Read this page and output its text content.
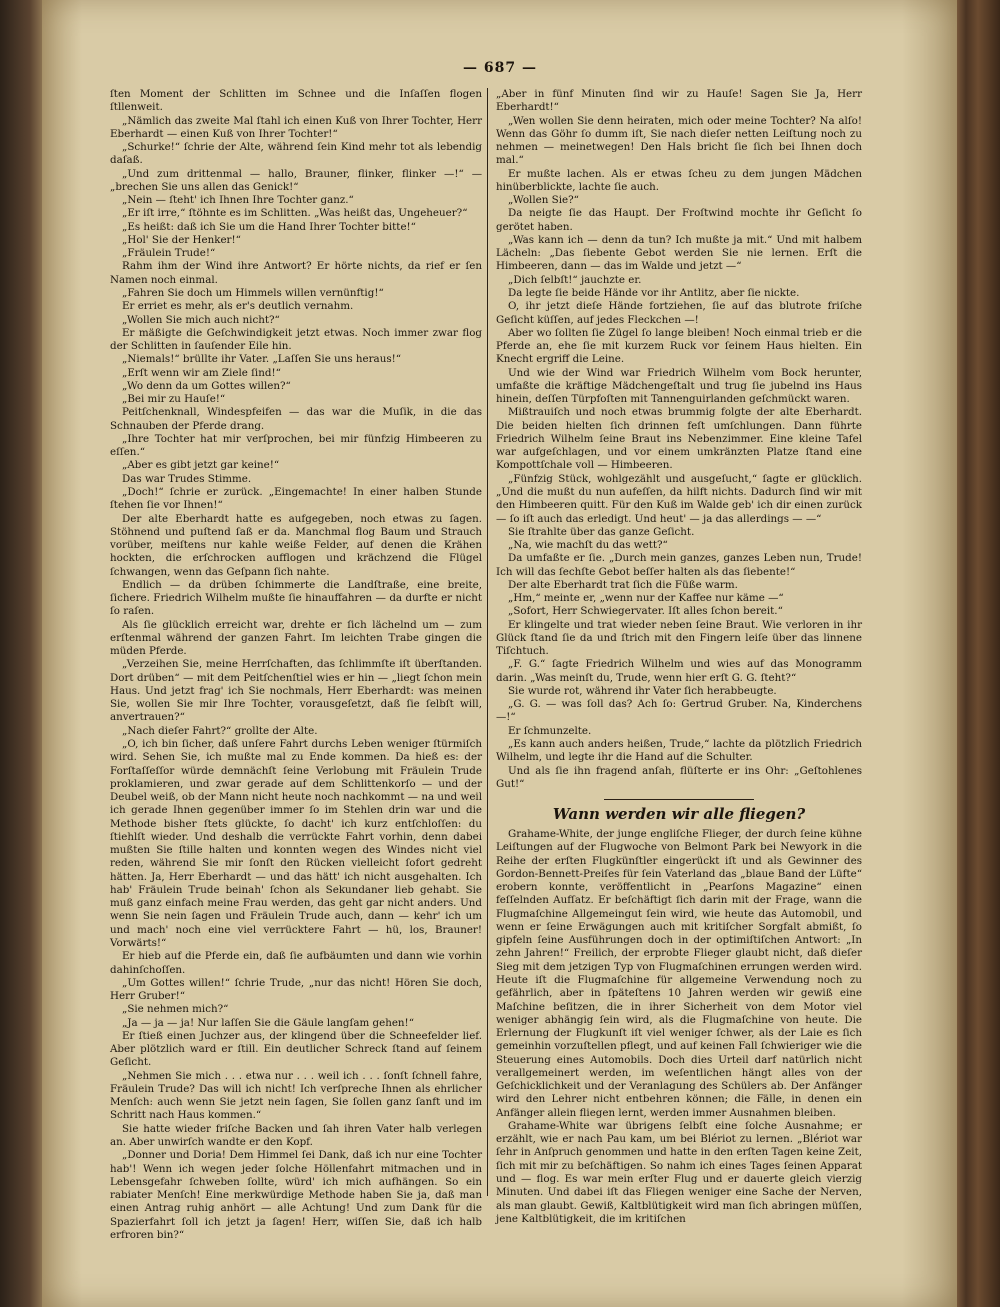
— 687 —

ſten Moment der Schlitten im Schnee und die Inſaſſen flogen ſtllenweit.

„Nämlich das zweite Mal ſtahl ich einen Kuß von Ihrer Tochter, Herr Eberhardt — einen Kuß von Ihrer Tochter!“

„Schurke!“ ſchrie der Alte, während ſein Kind mehr tot als lebendig daſaß.

„Und zum drittenmal — hallo, Brauner, flinker, flinker —!“ — „brechen Sie uns allen das Genick!“

„Nein — ſteht' ich Ihnen Ihre Tochter ganz.“

„Er iſt irre,“ ſtöhnte es im Schlitten. „Was heißt das, Ungeheuer?“

„Es heißt: daß ich Sie um die Hand Ihrer Tochter bitte!“

„Hol' Sie der Henker!“

„Fräulein Trude!“

Rahm ihm der Wind ihre Antwort? Er hörte nichts, da rief er ſen Namen noch einmal.

„Fahren Sie doch um Himmels willen vernünftig!“

Er erriet es mehr, als er's deutlich vernahm.

„Wollen Sie mich auch nicht?“

Er mäßigte die Geſchwindigkeit jetzt etwas. Noch immer zwar flog der Schlitten in ſauſender Eile hin.

„Niemals!“ brüllte ihr Vater. „Laſſen Sie uns heraus!“

„Erſt wenn wir am Ziele ſind!“

„Wo denn da um Gottes willen?“

„Bei mir zu Hauſe!“

Peitſchenknall, Windespfeifen — das war die Muſik, in die das Schnauben der Pferde drang.

„Ihre Tochter hat mir verſprochen, bei mir fünfzig Himbeeren zu eſſen.“

„Aber es gibt jetzt gar keine!“

Das war Trudes Stimme.

„Doch!“ ſchrie er zurück. „Eingemachte! In einer halben Stunde ſtehen ſie vor Ihnen!“

Der alte Eberhardt hatte es aufgegeben, noch etwas zu ſagen. Stöhnend und puſtend ſaß er da. Manchmal flog Baum und Strauch vorüber, meiſtens nur kahle weiße Felder, auf denen die Krähen hockten, die erſchrocken aufflogen und krächzend die Flügel ſchwangen, wenn das Geſpann ſich nahte.

Endlich — da drüben ſchimmerte die Landſtraße, eine breite, ſichere. Friedrich Wilhelm mußte ſie hinauffahren — da durfte er nicht ſo raſen.

Als ſie glücklich erreicht war, drehte er ſich lächelnd um — zum erſtenmal während der ganzen Fahrt. Im leichten Trabe gingen die müden Pferde.

„Verzeihen Sie, meine Herrſchaften, das ſchlimmſte iſt überſtanden. Dort drüben“ — mit dem Peitſchenſtiel wies er hin — „liegt ſchon mein Haus. Und jetzt frag' ich Sie nochmals, Herr Eberhardt: was meinen Sie, wollen Sie mir Ihre Tochter, vorausgeſetzt, daß ſie ſelbſt will, anvertrauen?“

„Nach dieſer Fahrt?“ grollte der Alte.

„O, ich bin ſicher, daß unſere Fahrt durchs Leben weniger ſtürmiſch wird. Sehen Sie, ich mußte mal zu Ende kommen. Da hieß es: der Forſtaſſeſſor würde demnächſt ſeine Verlobung mit Fräulein Trude proklamieren, und zwar gerade auf dem Schlittenkorſo — und der Deubel weiß, ob der Mann nicht heute noch nachkommt — na und weil ich gerade Ihnen gegenüber immer ſo im Stehlen drin war und die Methode bisher ſtets glückte, ſo dacht' ich kurz entſchloſſen: du ſtiehlſt wieder. Und deshalb die verrückte Fahrt vorhin, denn dabei mußten Sie ſtille halten und konnten wegen des Windes nicht viel reden, während Sie mir ſonſt den Rücken vielleicht ſofort gedreht hätten. Ja, Herr Eberhardt — und das hätt' ich nicht ausgehalten. Ich hab' Fräulein Trude beinah' ſchon als Sekundaner lieb gehabt. Sie muß ganz einfach meine Frau werden, das geht gar nicht anders. Und wenn Sie nein ſagen und Fräulein Trude auch, dann — kehr' ich um und mach' noch eine viel verrücktere Fahrt — hü, los, Brauner! Vorwärts!“

Er hieb auf die Pferde ein, daß ſie aufbäumten und dann wie vorhin dahinſchoſſen.

„Um Gottes willen!“ ſchrie Trude, „nur das nicht! Hören Sie doch, Herr Gruber!“

„Sie nehmen mich?“

„Ja — ja — ja! Nur laſſen Sie die Gäule langſam gehen!“

Er ſtieß einen Juchzer aus, der klingend über die Schneefelder lief. Aber plötzlich ward er ſtill. Ein deutlicher Schreck ſtand auf ſeinem Geſicht.

„Nehmen Sie mich . . . etwa nur . . . weil ich . . . ſonſt ſchnell fahre, Fräulein Trude? Das will ich nicht! Ich verſpreche Ihnen als ehrlicher Menſch: auch wenn Sie jetzt nein ſagen, Sie ſollen ganz ſanft und im Schritt nach Haus kommen.“

Sie hatte wieder friſche Backen und ſah ihren Vater halb verlegen an. Aber unwirſch wandte er den Kopf.

„Donner und Doria! Dem Himmel ſei Dank, daß ich nur eine Tochter hab'! Wenn ich wegen jeder ſolche Höllenfahrt mitmachen und in Lebensgefahr ſchweben ſollte, würd' ich mich aufhängen. So ein rabiater Menſch! Eine merkwürdige Methode haben Sie ja, daß man einen Antrag ruhig anhört — alle Achtung! Und zum Dank für die Spazierfahrt ſoll ich jetzt ja ſagen! Herr, wiſſen Sie, daß ich halb erfroren bin?“

„Aber in fünf Minuten ſind wir zu Hauſe! Sagen Sie Ja, Herr Eberhardt!“

„Wen wollen Sie denn heiraten, mich oder meine Tochter? Na alſo! Wenn das Göhr ſo dumm iſt, Sie nach dieſer netten Leiſtung noch zu nehmen — meinetwegen! Den Hals bricht ſie ſich bei Ihnen doch mal.“

Er mußte lachen. Als er etwas ſcheu zu dem jungen Mädchen hinüberblickte, lachte ſie auch.

„Wollen Sie?“

Da neigte ſie das Haupt. Der Froſtwind mochte ihr Geſicht ſo gerötet haben.

„Was kann ich — denn da tun? Ich mußte ja mit.“ Und mit halbem Lächeln: „Das ſiebente Gebot werden Sie nie lernen. Erſt die Himbeeren, dann — das im Walde und jetzt —“

„Dich ſelbſt!“ jauchzte er.

Da legte ſie beide Hände vor ihr Antlitz, aber ſie nickte.

O, ihr jetzt dieſe Hände fortziehen, ſie auf das blutrote friſche Geſicht küſſen, auf jedes Fleckchen —!

Aber wo ſollten ſie Zügel ſo lange bleiben! Noch einmal trieb er die Pferde an, ehe ſie mit kurzem Ruck vor ſeinem Haus hielten. Ein Knecht ergriff die Leine.

Und wie der Wind war Friedrich Wilhelm vom Bock herunter, umfaßte die kräftige Mädchengeſtalt und trug ſie jubelnd ins Haus hinein, deſſen Türpfoſten mit Tannenguirlanden geſchmückt waren.

Mißtrauiſch und noch etwas brummig folgte der alte Eberhardt. Die beiden hielten ſich drinnen feſt umſchlungen. Dann führte Friedrich Wilhelm ſeine Braut ins Nebenzimmer. Eine kleine Tafel war aufgeſchlagen, und vor einem umkränzten Platze ſtand eine Kompottſchale voll — Himbeeren.

„Fünfzig Stück, wohlgezählt und ausgeſucht,“ ſagte er glücklich. „Und die mußt du nun aufeſſen, da hilft nichts. Dadurch ſind wir mit den Himbeeren quitt. Für den Kuß im Walde geb' ich dir einen zurück — ſo iſt auch das erledigt. Und heut' — ja das allerdings — —“

Sie ſtrahlte über das ganze Geſicht.

„Na, wie machſt du das wett?“

Da umfaßte er ſie. „Durch mein ganzes, ganzes Leben nun, Trude! Ich will das ſechſte Gebot beſſer halten als das ſiebente!“

Der alte Eberhardt trat ſich die Füße warm.

„Hm,“ meinte er, „wenn nur der Kaffee nur käme —“

„Sofort, Herr Schwiegervater. Iſt alles ſchon bereit.“

Er klingelte und trat wieder neben ſeine Braut. Wie verloren in ihr Glück ſtand ſie da und ſtrich mit den Fingern leiſe über das linnene Tiſchtuch.

„F. G.“ ſagte Friedrich Wilhelm und wies auf das Monogramm darin. „Was meinſt du, Trude, wenn hier erſt G. G. ſteht?“

Sie wurde rot, während ihr Vater ſich herabbeugte.

„G. G. — was ſoll das? Ach ſo: Gertrud Gruber. Na, Kinderchens —!“

Er ſchmunzelte.

„Es kann auch anders heißen, Trude,“ lachte da plötzlich Friedrich Wilhelm, und legte ihr die Hand auf die Schulter.

Und als ſie ihn fragend anſah, flüſterte er ins Ohr: „Geſtohlenes Gut!“

Wann werden wir alle fliegen?

Grahame-White, der junge engliſche Flieger, der durch ſeine kühne Leiſtungen auf der Flugwoche von Belmont Park bei Newyork in die Reihe der erſten Flugkünſtler eingerückt iſt und als Gewinner des Gordon-Bennett-Preiſes für ſein Vaterland das „blaue Band der Lüfte“ erobern konnte, veröffentlicht in „Pearſons Magazine“ einen feſſelnden Aufſatz. Er beſchäftigt ſich darin mit der Frage, wann die Flugmaſchine Allgemeingut ſein wird, wie heute das Automobil, und wenn er ſeine Erwägungen auch mit kritiſcher Sorgfalt abmißt, ſo gipfeln ſeine Ausführungen doch in der optimiſtiſchen Antwort: „In zehn Jahren!“ Freilich, der erprobte Flieger glaubt nicht, daß dieſer Sieg mit dem jetzigen Typ von Flugmaſchinen errungen werden wird. Heute iſt die Flugmaſchine für allgemeine Verwendung noch zu gefährlich, aber in ſpäteſtens 10 Jahren werden wir gewiß eine Maſchine beſitzen, die in ihrer Sicherheit von dem Motor viel weniger abhängig ſein wird, als die Flugmaſchine von heute. Die Erlernung der Flugkunſt iſt viel weniger ſchwer, als der Laie es ſich gemeinhin vorzuſtellen pflegt, und auf keinen Fall ſchwieriger wie die Steuerung eines Automobils. Doch dies Urteil darf natürlich nicht verallgemeinert werden, im weſentlichen hängt alles von der Geſchicklichkeit und der Veranlagung des Schülers ab. Der Anfänger wird den Lehrer nicht entbehren können; die Fälle, in denen ein Anfänger allein fliegen lernt, werden immer Ausnahmen bleiben.

Grahame-White war übrigens ſelbſt eine ſolche Ausnahme; er erzählt, wie er nach Pau kam, um bei Blériot zu lernen. „Blériot war ſehr in Anſpruch genommen und hatte in den erſten Tagen keine Zeit, ſich mit mir zu beſchäftigen. So nahm ich eines Tages ſeinen Apparat und — flog. Es war mein erſter Flug und er dauerte gleich vierzig Minuten. Und dabei iſt das Fliegen weniger eine Sache der Nerven, als man glaubt. Gewiß, Kaltblütigkeit wird man ſich abringen müſſen, jene Kaltblütigkeit, die im kritiſchen
